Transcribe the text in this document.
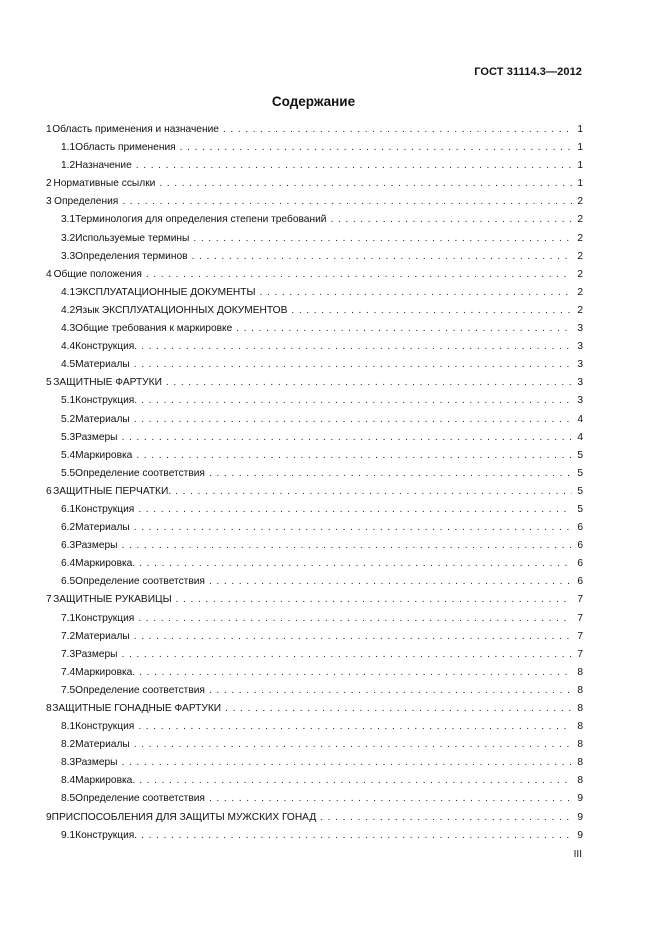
ГОСТ 31114.3—2012
Содержание
1 Область применения и назначение . . .	1
1.1 Область применения . . .	1
1.2 Назначение . . .	1
2 Нормативные ссылки . . .	1
3 Определения . . .	2
3.1 Терминология для определения степени требований . . .	2
3.2 Используемые термины . . .	2
3.3 Определения терминов . . .	2
4 Общие положения . . .	2
4.1 ЭКСПЛУАТАЦИОННЫЕ ДОКУМЕНТЫ . . .	2
4.2 Язык ЭКСПЛУАТАЦИОННЫХ ДОКУМЕНТОВ . . .	2
4.3 Общие требования к маркировке . . .	3
4.4 Конструкция. . . .	3
4.5 Материалы . . .	3
5 ЗАЩИТНЫЕ ФАРТУКИ . . .	3
5.1 Конструкция. . . .	3
5.2 Материалы . . .	4
5.3 Размеры . . .	4
5.4 Маркировка . . .	5
5.5 Определение соответствия . . .	5
6 ЗАЩИТНЫЕ ПЕРЧАТКИ. . . .	5
6.1 Конструкция . . .	5
6.2 Материалы . . .	6
6.3 Размеры . . .	6
6.4 Маркировка. . . .	6
6.5 Определение соответствия . . .	6
7 ЗАЩИТНЫЕ РУКАВИЦЫ . . .	7
7.1 Конструкция . . .	7
7.2 Материалы . . .	7
7.3 Размеры . . .	7
7.4 Маркировка. . . .	8
7.5 Определение соответствия . . .	8
8 ЗАЩИТНЫЕ ГОНАДНЫЕ ФАРТУКИ . . .	8
8.1 Конструкция . . .	8
8.2 Материалы . . .	8
8.3 Размеры . . .	8
8.4 Маркировка. . . .	8
8.5 Определение соответствия . . .	9
9 ПРИСПОСОБЛЕНИЯ ДЛЯ ЗАЩИТЫ МУЖСКИХ ГОНАД . . .	9
9.1 Конструкция. . . .	9
III
